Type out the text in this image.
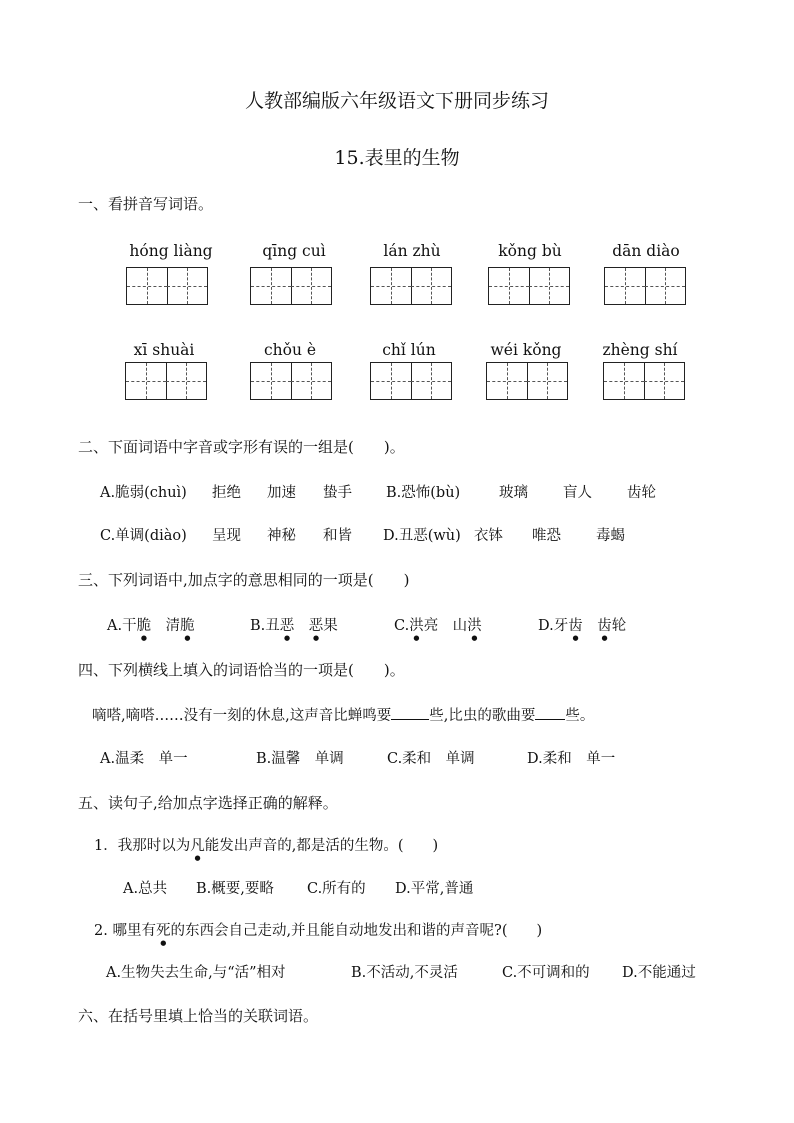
人教部编版六年级语文下册同步练习
15.表里的生物
一、看拼音写词语。
hóng liàng	qīng cuì	lán zhù	kǒng bù	dān diào
xī shuài	chǒu è	chǐ lún	wéi kǒng	zhèng shí
二、下面词语中字音或字形有误的一组是(　　)。
A.脆弱(chuì) 拒绝 加速 蛰手 B.恐怖(bù)	玻璃 盲人 齿轮
C.单调(diào) 呈现 神秘 和皆 D.丑恶(wù) 衣钵 唯恐 毒蝎
三、下列词语中,加点字的意思相同的一项是(　　)
A.干脆　清脆	B.丑恶　 恶果	C.洪亮　山洪	D.牙齿　 齿轮
四、下列横线上填入的词语恰当的一项是(　　)。
嘀嗒,嘀嗒……没有一刻的休息,这声音比蝉鸣要	些,比虫的歌曲要 些。
A.温柔　单一	B.温馨　单调	C.柔和　单调	D.柔和　单一
五、读句子,给加点字选择正确的解释。
1．我那时以为凡能发出声音的,都是活的生物。(　　)
A.总共 B.概要,要略 C.所有的 D.平常,普通
2. 哪里有死的东西会自己走动,并且能自动地发出和谐的声音呢?(　　)
A.生物失去生命,与“活”相对	B.不活动,不灵活	C.不可调和的 D.不能通过
六、在括号里填上恰当的关联词语。
